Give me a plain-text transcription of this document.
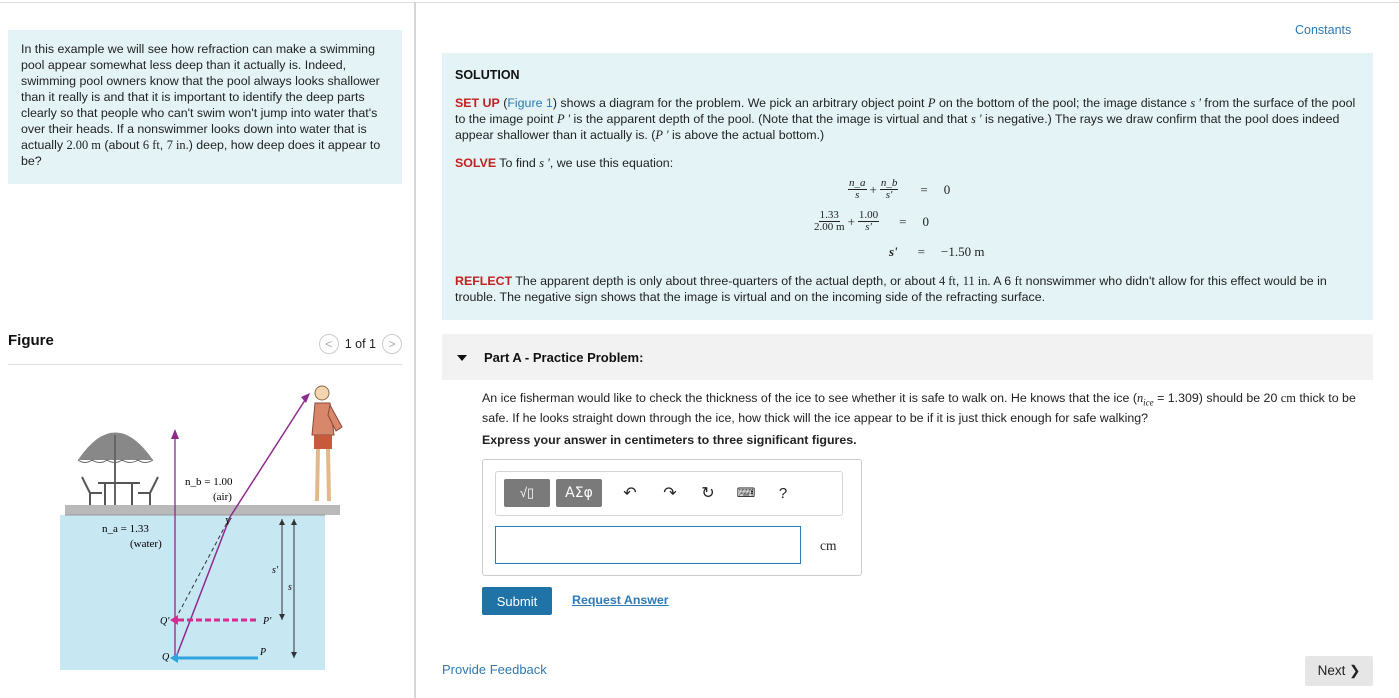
In this example we will see how refraction can make a swimming pool appear somewhat less deep than it actually is. Indeed, swimming pool owners know that the pool always looks shallower than it really is and that it is important to identify the deep parts clearly so that people who can't swim won't jump into water that's over their heads. If a nonswimmer looks down into water that is actually 2.00 m (about 6 ft, 7 in.) deep, how deep does it appear to be?
Figure	< 1 of 1 >
n_b = 1.00
(air)
n_a = 1.33
(water)
V
s'
s
Q'	P'
Q	P
Constants
SOLUTION
SET UP (Figure 1) shows a diagram for the problem. We pick an arbitrary object point P on the bottom of the pool; the image distance s ' from the surface of the pool to the image point P ' is the apparent depth of the pool. (Note that the image is virtual and that s ' is negative.) The rays we draw confirm that the pool does indeed appear shallower than it actually is. (P ' is above the actual bottom.)
SOLVE To find s ', we use this equation:
$\frac{n\_a}{s} + \frac{n\_b}{s'} = 0$
$\frac{1.33}{2.00 m} + \frac{1.00}{s'} = 0$
s' = −1.50 m
REFLECT The apparent depth is only about three-quarters of the actual depth, or about 4 ft, 11 in. A 6 ft nonswimmer who didn't allow for this effect would be in trouble. The negative sign shows that the image is virtual and on the incoming side of the refracting surface.
Part A - Practice Problem:
An ice fisherman would like to check the thickness of the ice to see whether it is safe to walk on. He knows that the ice $(n_{ice} = 1.309)$ should be 20 cm thick to be safe. If he looks straight down through the ice, how thick will the ice appear to be if it is just thick enough for safe walking?
Express your answer in centimeters to three significant figures.
√▯ ΑΣφ ↶ ↷ ↻ ⌨	?
cm
Submit	Request Answer
Provide Feedback	Next ❯
